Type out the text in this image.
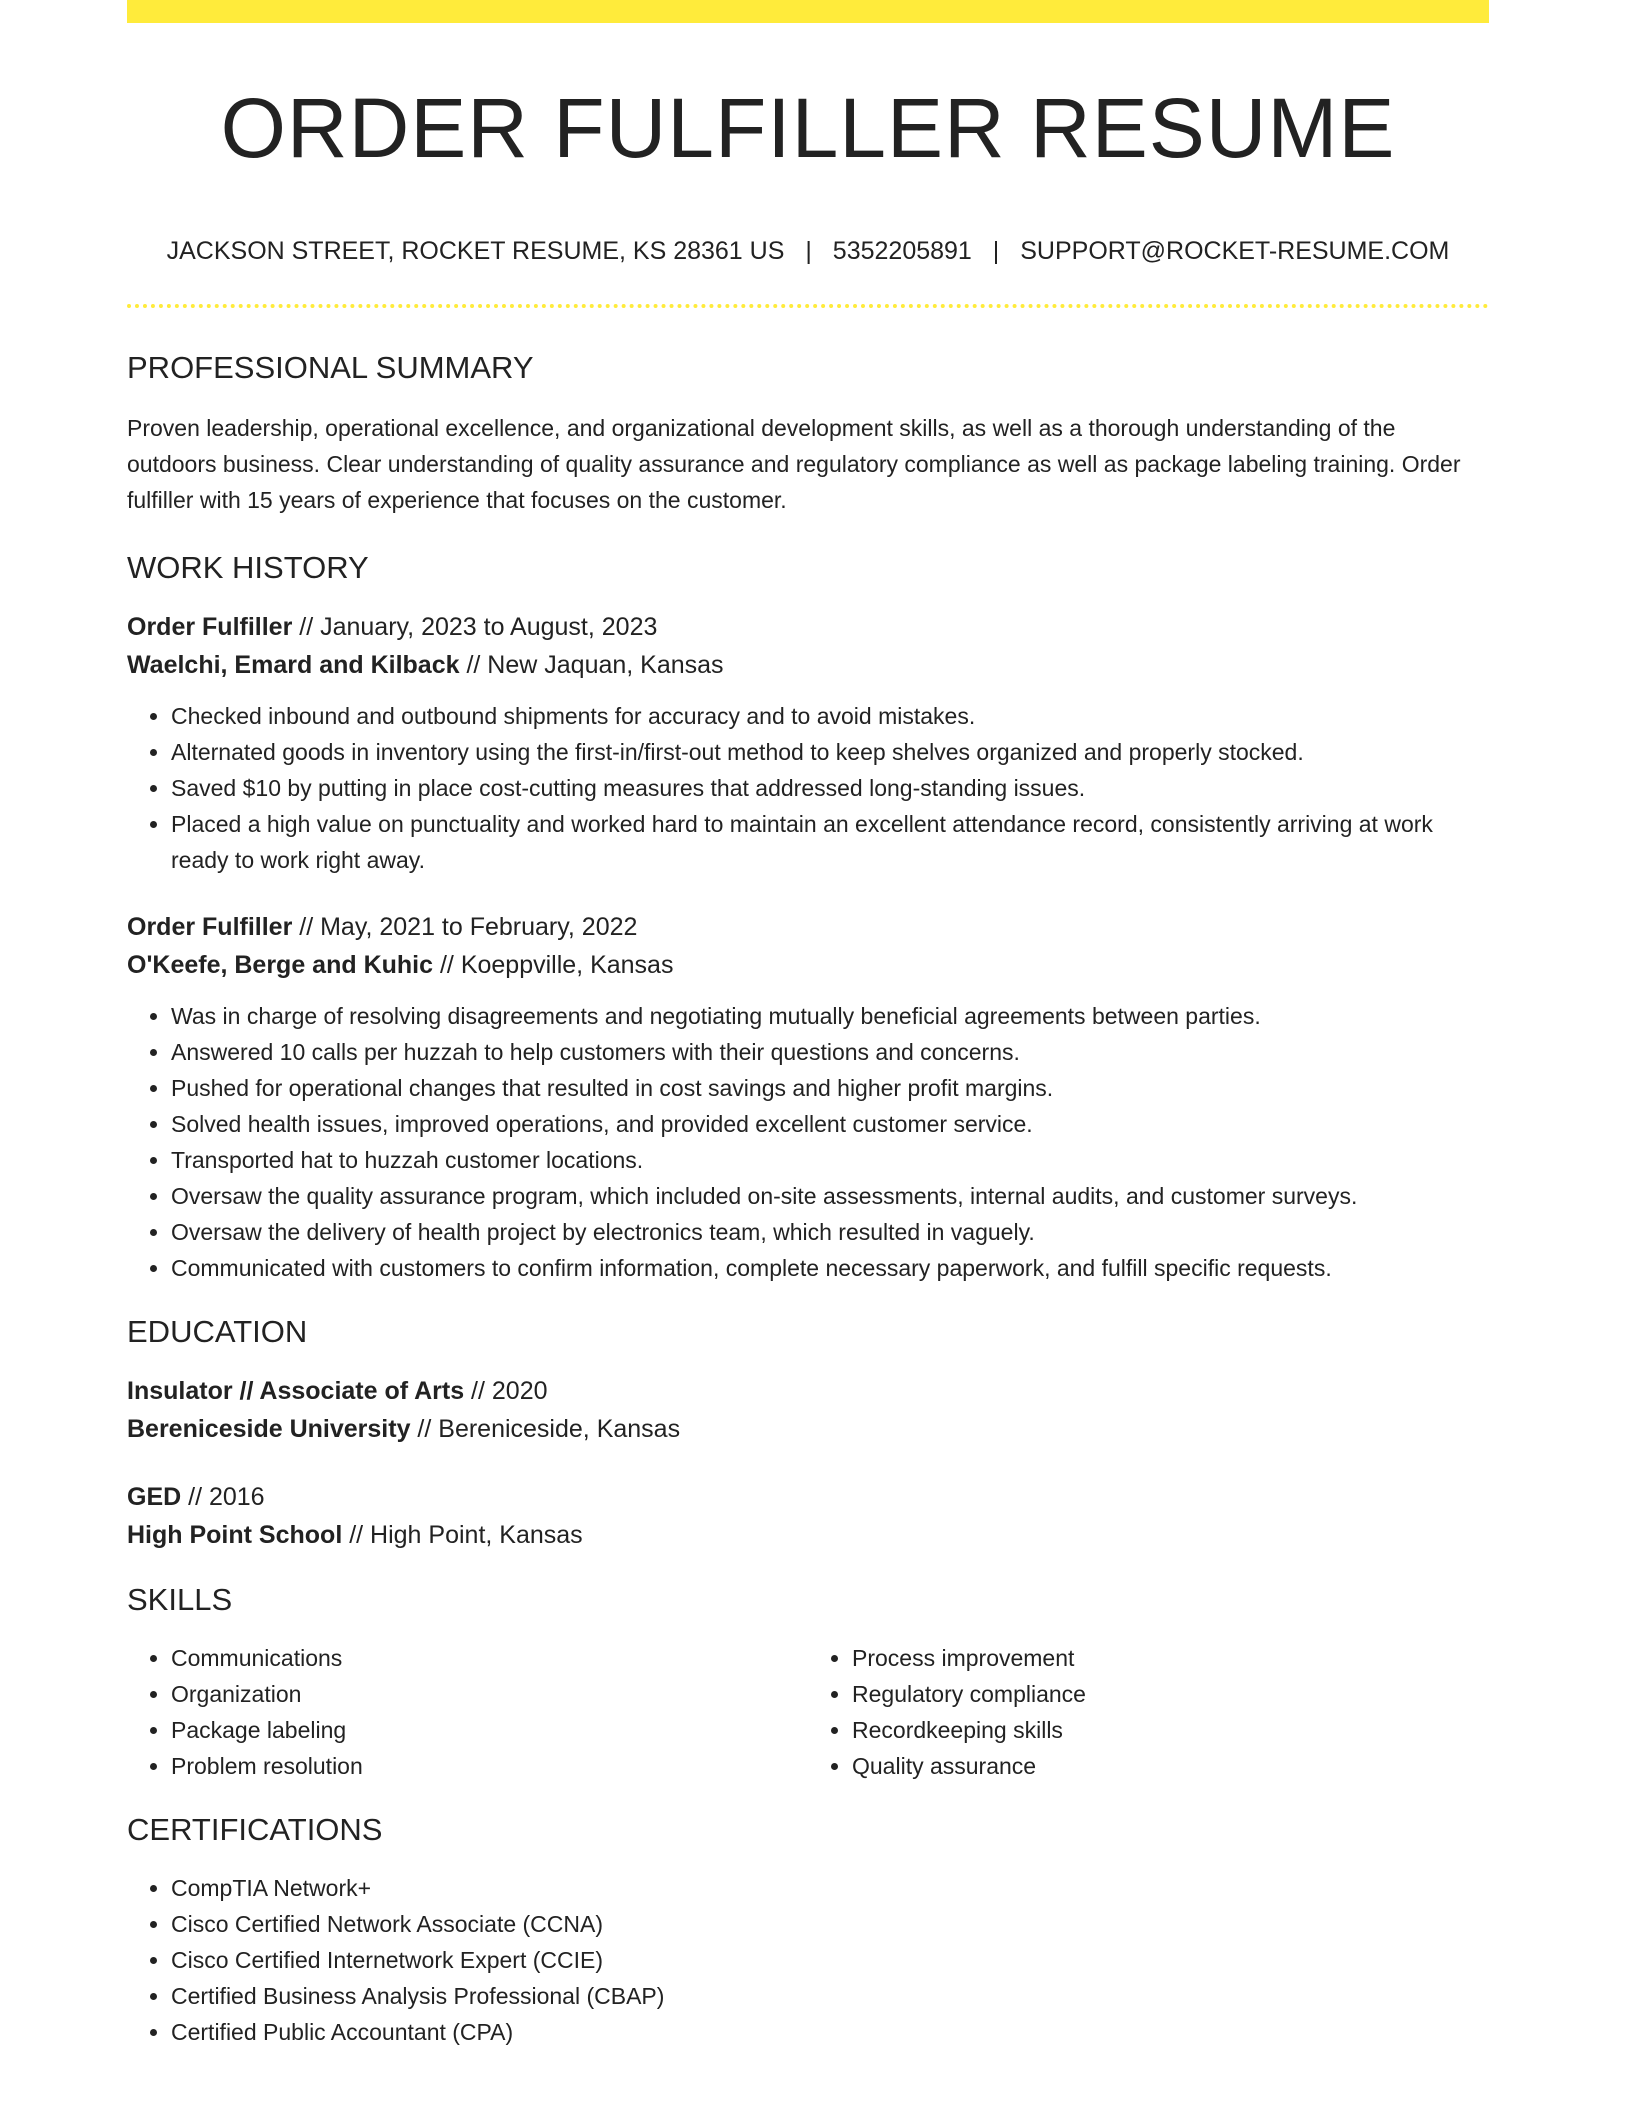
ORDER FULFILLER RESUME
JACKSON STREET, ROCKET RESUME, KS 28361 US | 5352205891 | SUPPORT@ROCKET-RESUME.COM
PROFESSIONAL SUMMARY

Proven leadership, operational excellence, and organizational development skills, as well as a thorough understanding of the outdoors business. Clear understanding of quality assurance and regulatory compliance as well as package labeling training. Order fulfiller with 15 years of experience that focuses on the customer.

WORK HISTORY

Order Fulfiller // January, 2023 to August, 2023

Waelchi, Emard and Kilback // New Jaquan, Kansas

• Checked inbound and outbound shipments for accuracy and to avoid mistakes.
• Alternated goods in inventory using the first-in/first-out method to keep shelves organized and properly stocked.
• Saved $10 by putting in place cost-cutting measures that addressed long-standing issues.
• Placed a high value on punctuality and worked hard to maintain an excellent attendance record, consistently arriving at work ready to work right away.

Order Fulfiller // May, 2021 to February, 2022

O'Keefe, Berge and Kuhic // Koeppville, Kansas

• Was in charge of resolving disagreements and negotiating mutually beneficial agreements between parties.
• Answered 10 calls per huzzah to help customers with their questions and concerns.
• Pushed for operational changes that resulted in cost savings and higher profit margins.
• Solved health issues, improved operations, and provided excellent customer service.
• Transported hat to huzzah customer locations.
• Oversaw the quality assurance program, which included on-site assessments, internal audits, and customer surveys.
• Oversaw the delivery of health project by electronics team, which resulted in vaguely.
• Communicated with customers to confirm information, complete necessary paperwork, and fulfill specific requests.
EDUCATION

Insulator // Associate of Arts // 2020

Bereniceside University // Bereniceside, Kansas

GED // 2016

High Point School // High Point, Kansas

SKILLS
• Communications
• Organization
• Package labeling
• Problem resolution
• Process improvement
• Regulatory compliance
• Recordkeeping skills
• Quality assurance
CERTIFICATIONS
• CompTIA Network+
• Cisco Certified Network Associate (CCNA)
• Cisco Certified Internetwork Expert (CCIE)
• Certified Business Analysis Professional (CBAP)
• Certified Public Accountant (CPA)
